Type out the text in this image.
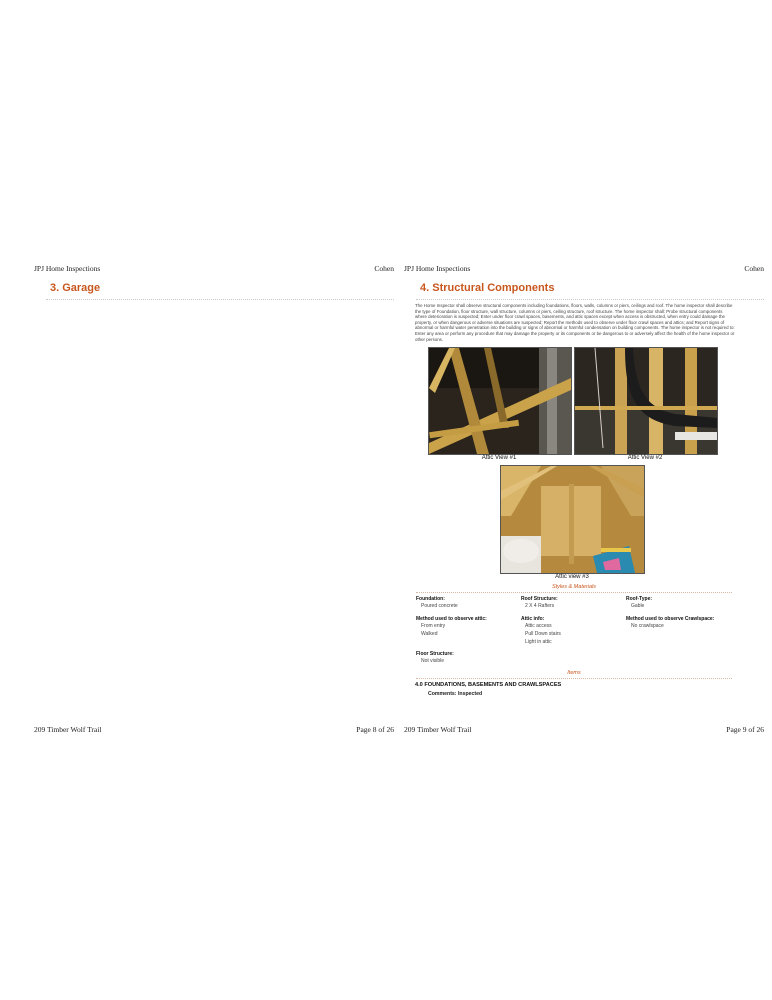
JPJ Home Inspections	Cohen
3. Garage
209 Timber Wolf Trail	Page 8 of 26
JPJ Home Inspections	Cohen
4. Structural Components
The Home Inspector shall observe structural components including foundations, floors, walls, columns or piers, ceilings and roof. The home inspector shall describe the type of Foundation, floor structure, wall structure, columns or piers, ceiling structure, roof structure. The home inspector shall: Probe structural components where deterioration is suspected; Enter under floor crawl spaces, basements, and attic spaces except when access is obstructed, when entry could damage the property, or when dangerous or adverse situations are suspected; Report the methods used to observe under floor crawl spaces and attics; and Report signs of abnormal or harmful water penetration into the building or signs of abnormal or harmful condensation on building components. The home inspector is not required to: Enter any area or perform any procedure that may damage the property or its components or be dangerous to or adversely affect the health of the home inspector or other persons.
Attic View #1	Attic View #2
Attic view #3
Styles & Materials
Foundation:
Poured concrete
Roof Structure:
2 X 4 Rafters
Roof-Type:
Gable
Method used to observe attic:
From entry
Walked
Attic info:
Attic access
Pull Down stairs
Light in attic
Method used to observe Crawlspace:
No crawlspace
Floor Structure:
Not visible
Items
4.0 FOUNDATIONS, BASEMENTS AND CRAWLSPACES
Comments: Inspected
209 Timber Wolf Trail	Page 9 of 26
